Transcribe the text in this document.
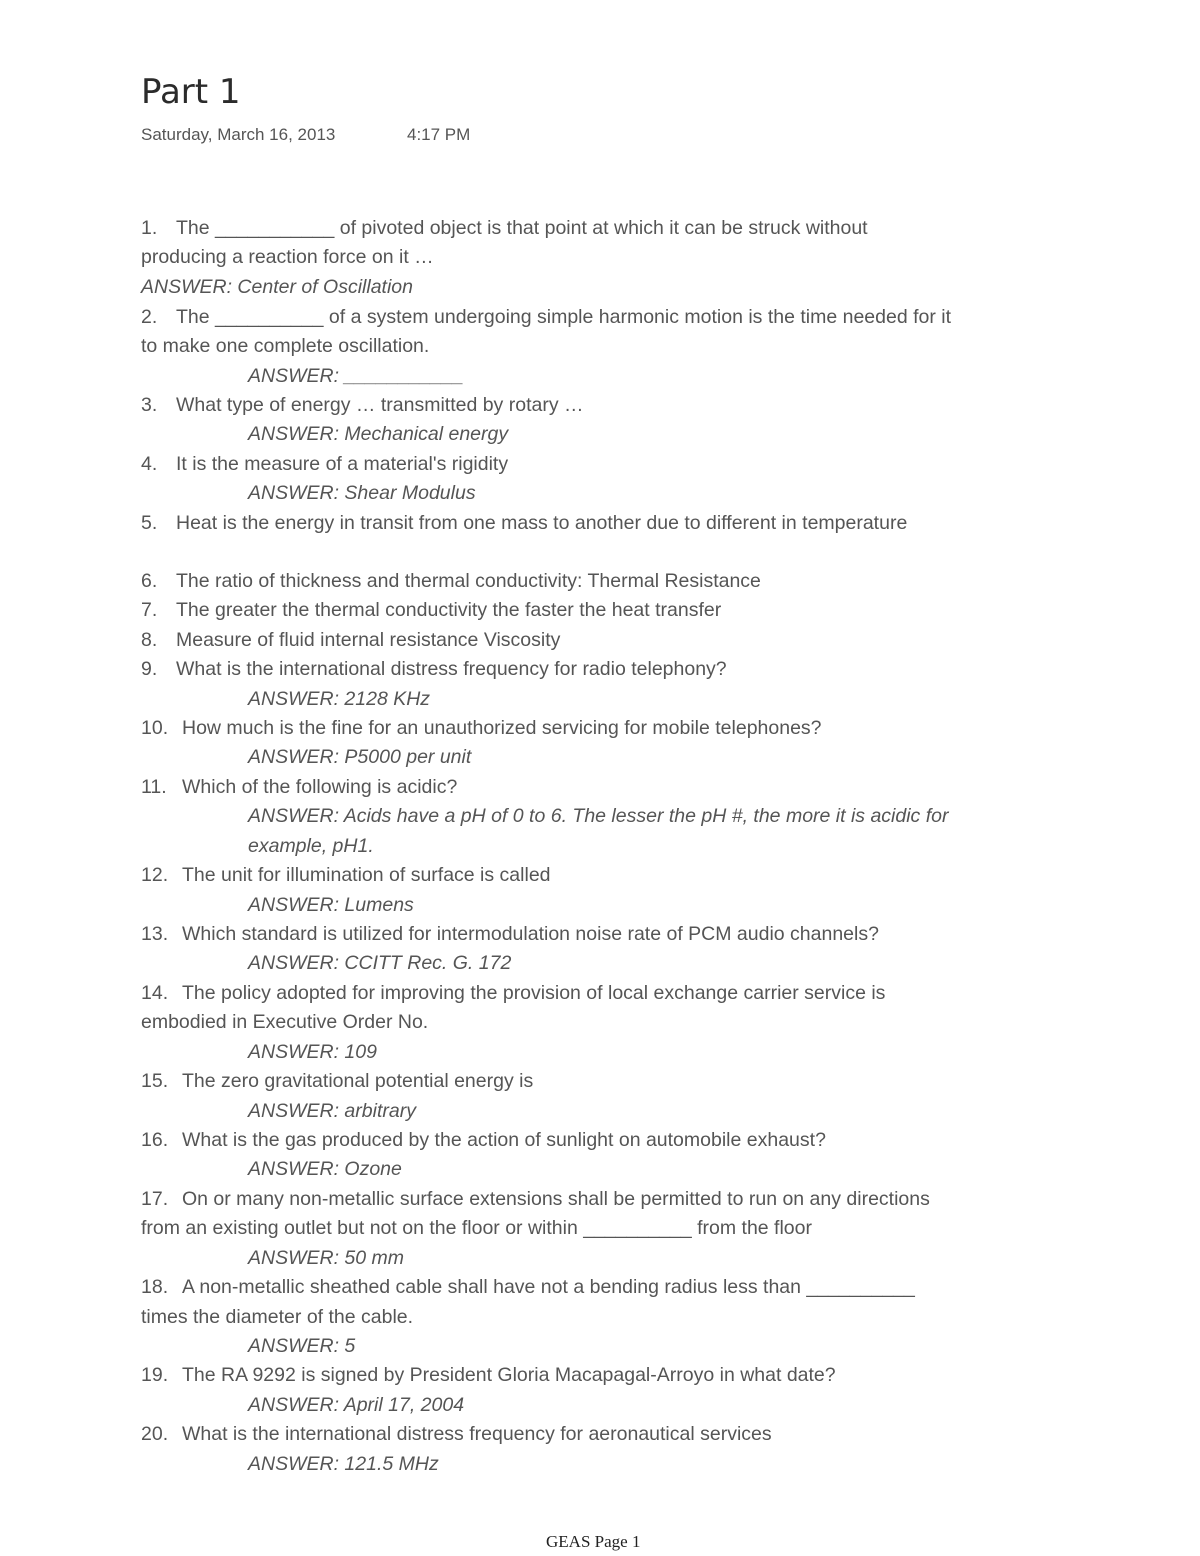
Part 1
Saturday, March 16, 2013	4:17 PM
1. The ___________ of pivoted object is that point at which it can be struck without
producing a reaction force on it …
ANSWER: Center of Oscillation
2. The __________ of a system undergoing simple harmonic motion is the time needed for it
to make one complete oscillation.
ANSWER: ___________
3. What type of energy … transmitted by rotary …
ANSWER: Mechanical energy
4. It is the measure of a material's rigidity
ANSWER: Shear Modulus
5. Heat is the energy in transit from one mass to another due to different in temperature
6. The ratio of thickness and thermal conductivity: Thermal Resistance
7. The greater the thermal conductivity the faster the heat transfer
8. Measure of fluid internal resistance Viscosity
9. What is the international distress frequency for radio telephony?
ANSWER: 2128 KHz
10. How much is the fine for an unauthorized servicing for mobile telephones?
ANSWER: P5000 per unit
11. Which of the following is acidic?
ANSWER: Acids have a pH of 0 to 6. The lesser the pH #, the more it is acidic for
example, pH1.
12. The unit for illumination of surface is called
ANSWER: Lumens
13. Which standard is utilized for intermodulation noise rate of PCM audio channels?
ANSWER: CCITT Rec. G. 172
14. The policy adopted for improving the provision of local exchange carrier service is
embodied in Executive Order No.
ANSWER: 109
15. The zero gravitational potential energy is
ANSWER: arbitrary
16. What is the gas produced by the action of sunlight on automobile exhaust?
ANSWER: Ozone
17. On or many non-metallic surface extensions shall be permitted to run on any directions
from an existing outlet but not on the floor or within __________ from the floor
ANSWER: 50 mm
18. A non-metallic sheathed cable shall have not a bending radius less than __________
times the diameter of the cable.
ANSWER: 5
19. The RA 9292 is signed by President Gloria Macapagal-Arroyo in what date?
ANSWER: April 17, 2004
20. What is the international distress frequency for aeronautical services
ANSWER: 121.5 MHz
GEAS Page 1
